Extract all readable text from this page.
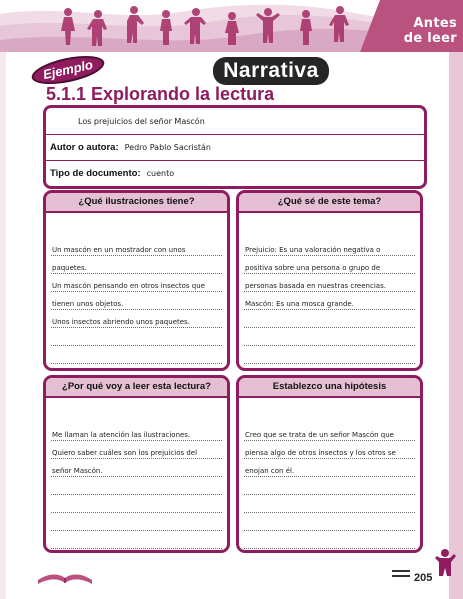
Antes
de leer
Ejemplo	Narrativa
5.1.1 Explorando la lectura
Los prejuicios del señor Mascón
Autor o autora: Pedro Pablo Sacristán
Tipo de documento: cuento
¿Qué ilustraciones tiene?
Un mascón en un mostrador con unos
paquetes.
Un mascón pensando en otros insectos que
tienen unos objetos.
Unos insectos abriendo unos paquetes.
¿Qué sé de este tema?
Prejuicio: Es una valoración negativa o
positiva sobre una persona o grupo de
personas basada en nuestras creencias.
Mascón: Es una mosca grande.
¿Por qué voy a leer esta lectura?
Me llaman la atención las ilustraciones.
Quiero saber cuáles son los prejuicios del
señor Mascón.
Establezco una hipótesis
Creo que se trata de un señor Mascón que
piensa algo de otros insectos y los otros se
enojan con él.
205
